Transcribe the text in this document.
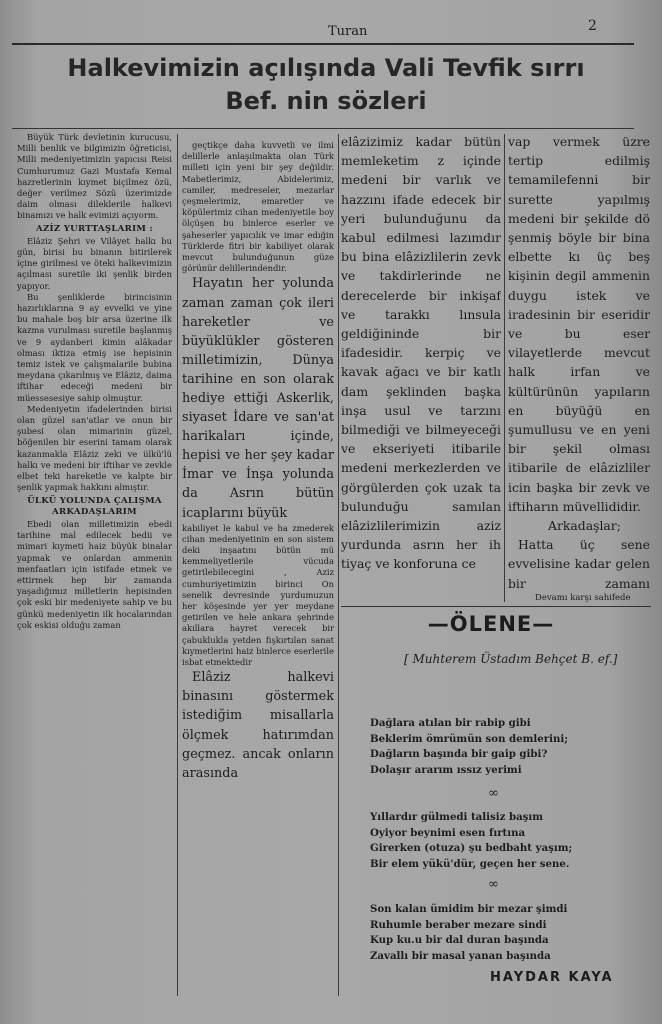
Turan	2
Halkevimizin açılışında Vali Tevfik sırrı
Bef. nin sözleri

Büyük Türk devletinin kurucusu, Milli benlik ve bilgimizin öğreticisi, Milli medeniyetimizin yapıcısı Reisi Cumhurumuz Gazi Mustafa Kemal hazretlerinin kıymet biçilmez özü, değer verilmez Sözü üzerimizde daim olması dileklerile halkevi binamızı ve halk evimizi açıyorm.

AZİZ YURTTAŞLARIM :

Elâziz Şehri ve Vilâyet halkı bu gün, birisi bu binanın bitirilerek içine girilmesi ve öteki halkevimizin açılması suretile iki şenlik birden yapıyor.

Bu şenliklerde birincisinin hazırlıklarına 9 ay evvelki ve yine bu mahale boş bir arsa üzerine ilk kazma vurulması suretile başlanmış ve 9 aydanberi kimin alâkadar olması iktiza etmiş ise hepisinin temiz istek ve çalışmalarile bubina meydana çıkarılmış ve Elâziz, daima iftihar edeceği medeni bir müessesesiye sahip olmuştur.

Medeniyetin ifadelerinden birisi olan güzel san'atlar ve onun bir şubesi olan mimarinin güzel, böğenilen bir eserini tamam olarak kazanmakla Elâziz zeki ve ülkü'lü halkı ve medeni bir iftihar ve zevkle elbet teki hareketle ve kalpte bir şenlik yapmak hakkını almıştır.

ÜLKÜ YOLUNDA ÇALIŞMA ARKADAŞLARIM

Ebedi olan milletimizin ebedi tarihine mal edilecek bedii ve mimari kıymeti haiz büyük binalar yapmak ve onlardan ammenin menfaatları için istifade etmek ve ettirmek hep bir zamanda yaşadığımız milletlerin hepisinden çok eski bir medeniyete sahip ve bu günkü medeniyetin ilk hocalarından çok eskisi olduğu zaman

geçtikçe daha kuvvetli ve ilmi delillerle anlaşılmakta olan Türk milleti için yeni bir şey değildir. Mabetlerimiz, Abidelerimiz, camiler, medreseler, mezarlar çeşmelerimiz, emaretler ve köpülerimiz cihan medeniyetile boy ölçüşen bu binlerce eserler ve şaheserler yapıcılık ve imar edığin Türklerde fitri bir kabiliyet olarak mevcut bulunduğunun güze görünür delillerindendir.

Hayatın her yolunda zaman zaman çok ileri hareketler ve büyüklükler gösteren milletimizin, Dünya tarihine en son olarak hediye ettiği Askerlik, siyaset İdare ve san'at harikaları içinde, hepisi ve her şey kadar İmar ve İnşa yolunda da Asrın bütün icaplarını büyük

kabiliyet le kabul ve ha zmederek cihan medeniyetinin en son sistem deki inşaatını bütün mü kemmeliyetlerile vücuda getirilebilecegini , Aziz cumhuriyetimizin birinci On senelik devresinde yurdumuzun her köşesinde yer yer meydane getirilen ve hele ankara şehrinde akıllara hayret verecek bir çabuklukla yetden fışkırtılan sanat kıymetlerini haiz binlerce eserlerile isbat etmektedir

Elâziz halkevi binasını göstermek istediğim misallarla ölçmek hatırımdan geçmez. ancak onların arasında

elâzizimiz kadar bütün memleketim z içinde medeni bir varlık ve hazzını ifade edecek bir yeri bulunduğunu da kabul edilmesi lazımdır bu bina elâzizlilerin zevk ve takdirlerinde ne derecelerde bir inkişaf ve tarakkı lınsula geldiğininde bir ifadesidir. kerpiç ve kavak ağacı ve bir katlı dam şeklinden başka inşa usul ve tarzını bilmediği ve bilmeyeceği ve ekseriyeti itibarile medeni merkezlerden ve görgülerden çok uzak ta bulunduğu samılan elâzizlilerimizin aziz yurdunda asrın her ih tiyaç ve konforuna ce

vap vermek üzre tertip edilmiş temamilefenni bir surette yapılmış medeni bir şekilde dö şenmiş böyle bir bina elbette kı üç beş kişinin degil ammenin duygu istek ve iradesinin bir eseridir ve bu eser vilayetlerde mevcut halk irfan ve kültürünün yapıların en büyüğü en şumullusu ve en yeni bir şekil olması itibarile de elâzizliler icin başka bir zevk ve iftiharın müvellididir.

Arkadaşlar;

Hatta üç sene evvelisine kadar gelen bir zamanı

Devamı karşı sahifede
—ÖLENE—
[ Muhterem Üstadım Behçet B. ef.]
Dağlara atılan bir rabip gibi
Beklerim ömrümün son demlerini;
Dağların başında bir gaip gibi?
Dolaşır ararım ıssız yerimi
∞
Yıllardır gülmedi talisiz başım
Oyiyor beynimi esen fırtına
Girerken (otuza) şu bedbaht yaşım;
Bir elem yükü'dür, geçen her sene.
∞
Son kalan ümidim bir mezar şimdi
Ruhumle beraber mezare sindi
Kup ku.u bir dal duran başında
Zavallı bir masal yanan başında
HAYDAR KAYA
